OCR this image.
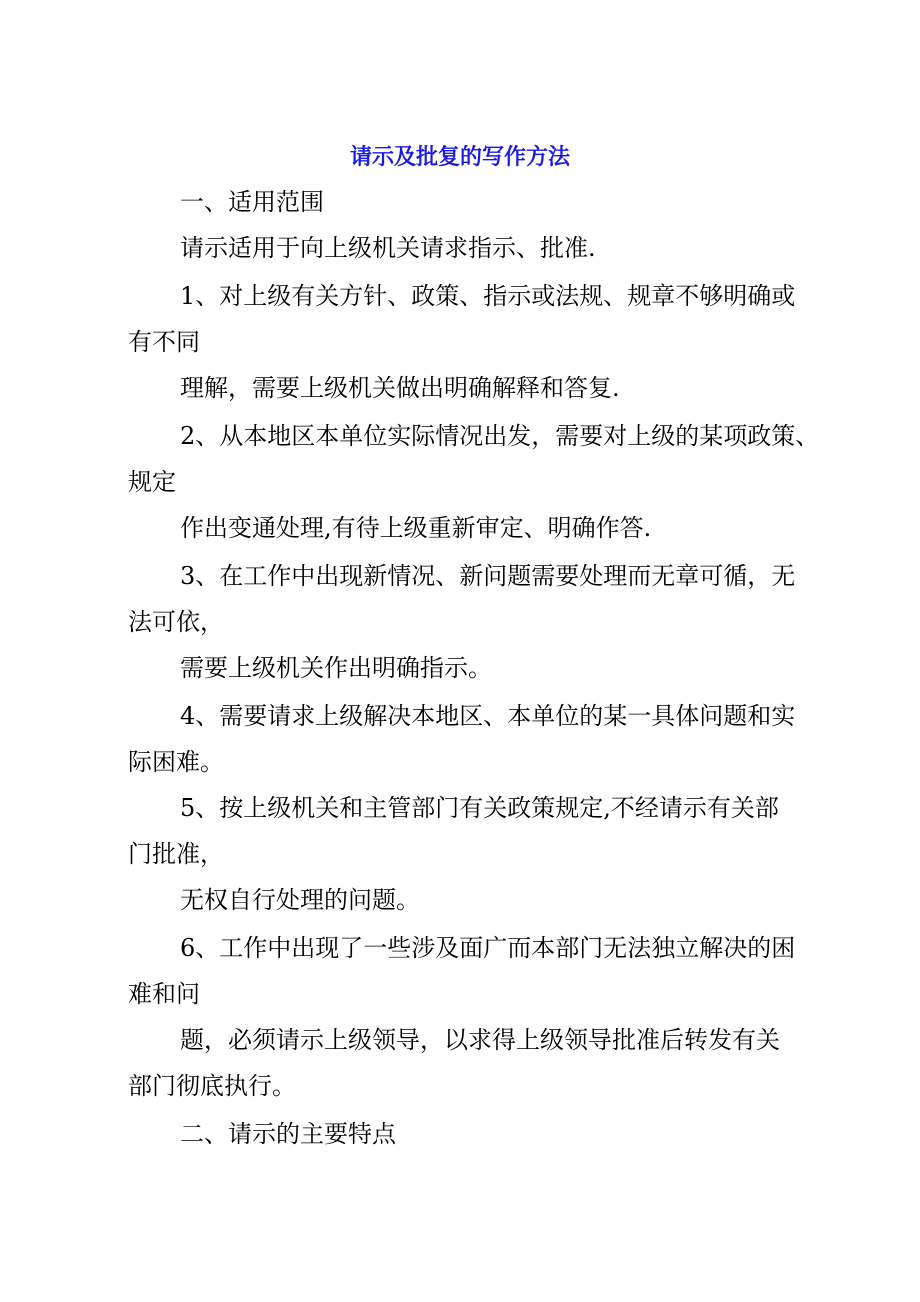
请示及批复的写作方法
一、适用范围
请示适用于向上级机关请求指示、批准.
1、对上级有关方针、政策、指示或法规、规章不够明确或
有不同
理解，需要上级机关做出明确解释和答复.
2、从本地区本单位实际情况出发，需要对上级的某项政策、
规定
作出变通处理,有待上级重新审定、明确作答.
3、在工作中出现新情况、新问题需要处理而无章可循，无
法可依，
需要上级机关作出明确指示。
4、需要请求上级解决本地区、本单位的某一具体问题和实
际困难。
5、按上级机关和主管部门有关政策规定,不经请示有关部
门批准，
无权自行处理的问题。
6、工作中出现了一些涉及面广而本部门无法独立解决的困
难和问
题，必须请示上级领导，以求得上级领导批准后转发有关
部门彻底执行。
二、请示的主要特点
